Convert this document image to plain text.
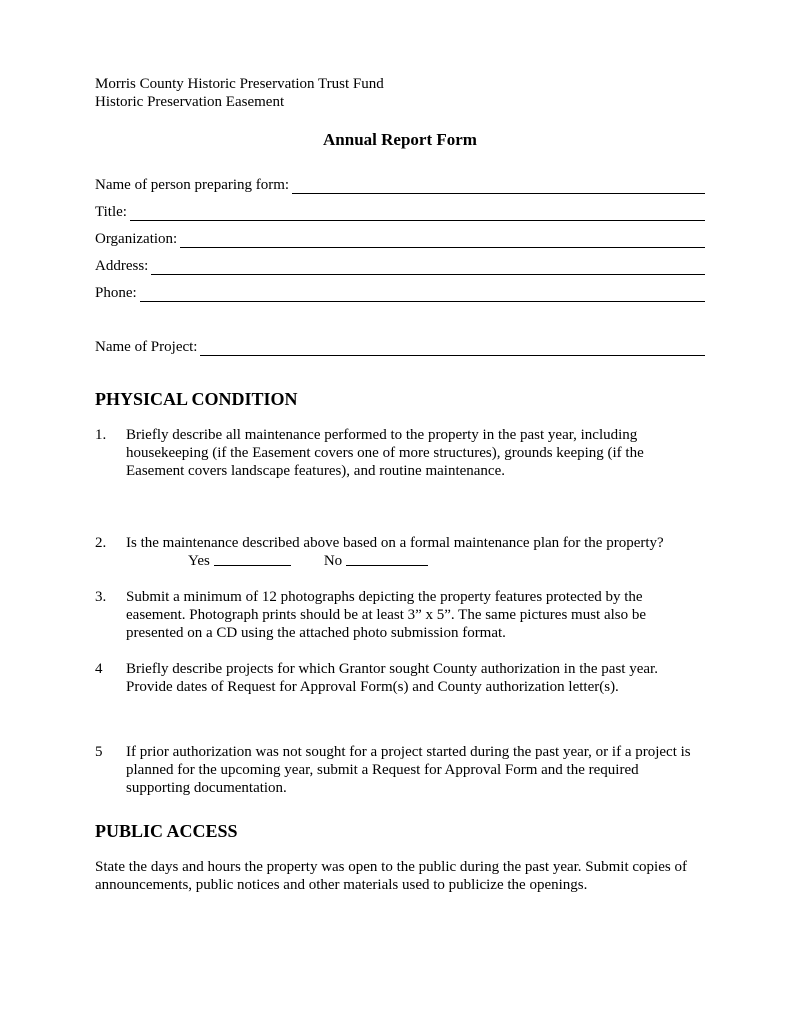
Morris County Historic Preservation Trust Fund
Historic Preservation Easement
Annual Report Form
Name of person preparing form:
Title:
Organization:
Address:
Phone:
Name of Project:
PHYSICAL CONDITION
1.	Briefly describe all maintenance performed to the property in the past year, including housekeeping (if the Easement covers one of more structures), grounds keeping (if the Easement covers landscape features), and routine maintenance.
2.	Is the maintenance described above based on a formal maintenance plan for the property?
Yes	No
3.	Submit a minimum of 12 photographs depicting the property features protected by the easement. Photograph prints should be at least 3” x 5”. The same pictures must also be presented on a CD using the attached photo submission format.
4	Briefly describe projects for which Grantor sought County authorization in the past year. Provide dates of Request for Approval Form(s) and County authorization letter(s).
5	If prior authorization was not sought for a project started during the past year, or if a project is planned for the upcoming year, submit a Request for Approval Form and the required supporting documentation.
PUBLIC ACCESS
State the days and hours the property was open to the public during the past year. Submit copies of announcements, public notices and other materials used to publicize the openings.
